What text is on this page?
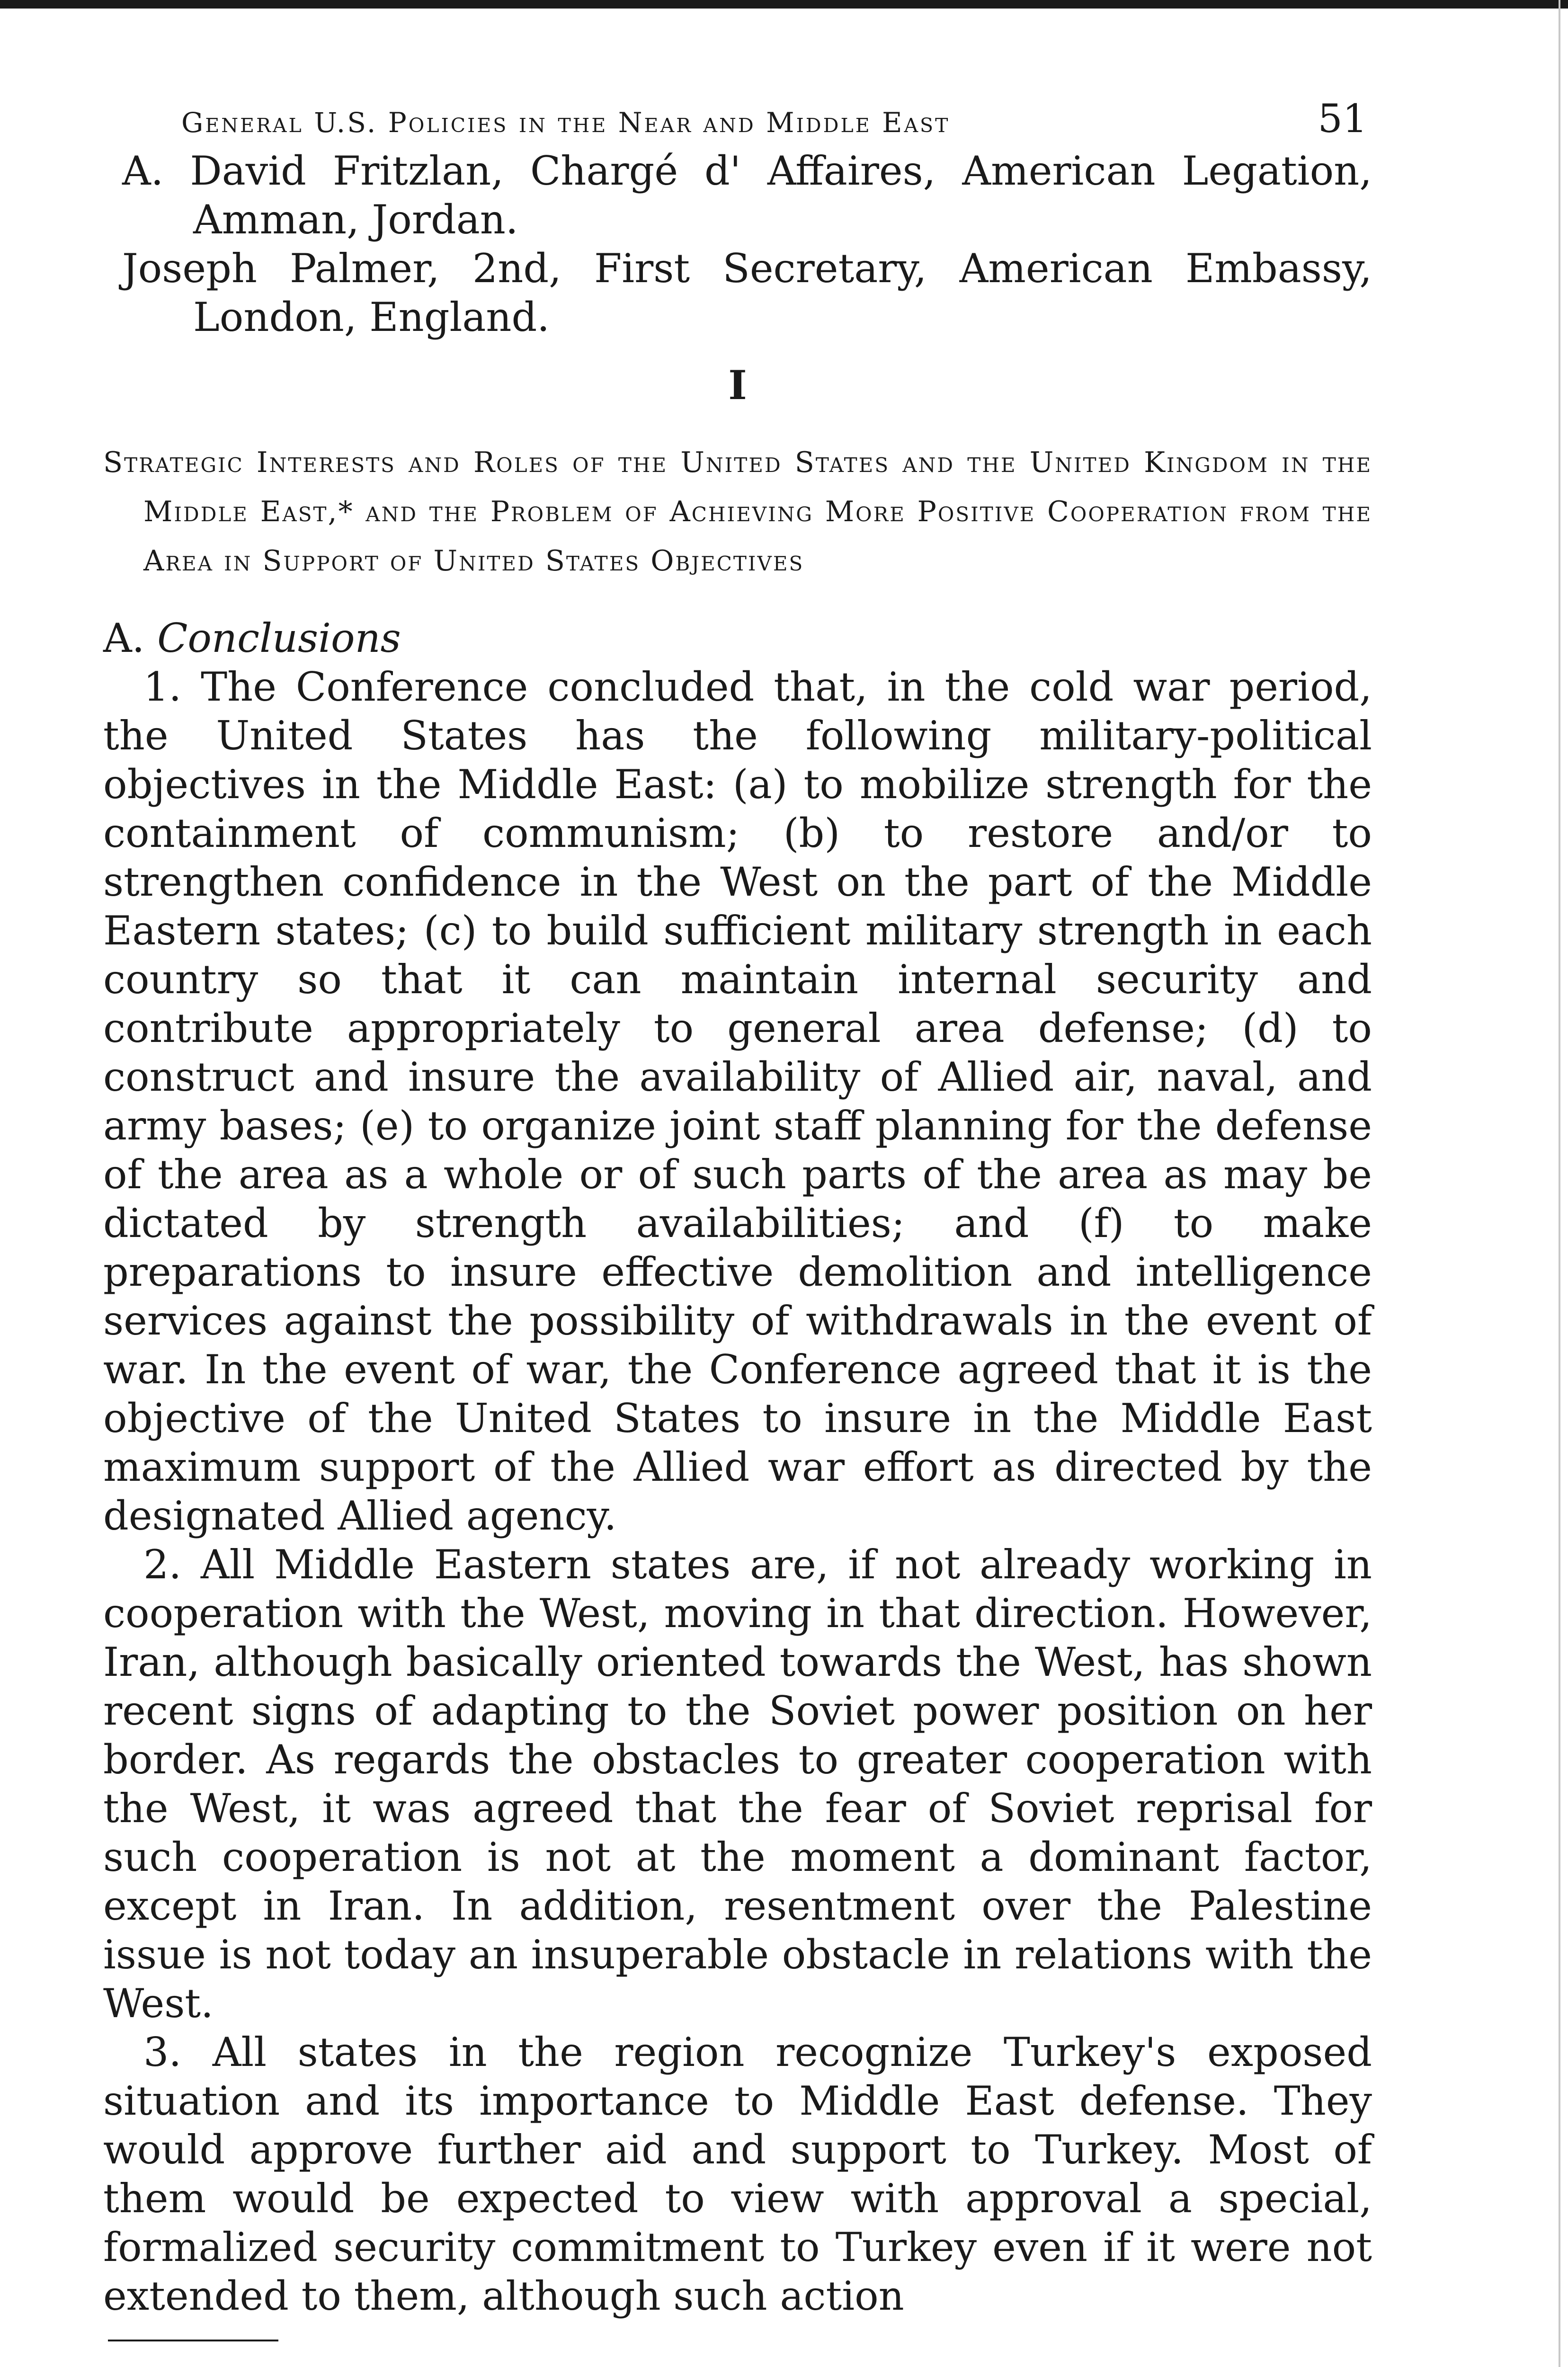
General U.S. Policies in the Near and Middle East	51

A. David Fritzlan, Chargé d' Affaires, American Legation, Amman, Jordan.

Joseph Palmer, 2nd, First Secretary, American Embassy, London, England.

I

Strategic Interests and Roles of the United States and the United Kingdom in the Middle East,* and the Problem of Achieving More Positive Cooperation from the Area in Support of United States Objectives

A. Conclusions

1. The Conference concluded that, in the cold war period, the United States has the following military-political objectives in the Middle East: (a) to mobilize strength for the containment of communism; (b) to restore and/or to strengthen confidence in the West on the part of the Middle Eastern states; (c) to build sufficient military strength in each country so that it can maintain internal security and contribute appropriately to general area defense; (d) to construct and insure the availability of Allied air, naval, and army bases; (e) to organize joint staff planning for the defense of the area as a whole or of such parts of the area as may be dictated by strength availabilities; and (f) to make preparations to insure effective demolition and intelligence services against the possibility of withdrawals in the event of war. In the event of war, the Conference agreed that it is the objective of the United States to insure in the Middle East maximum support of the Allied war effort as directed by the designated Allied agency.

2. All Middle Eastern states are, if not already working in cooperation with the West, moving in that direction. However, Iran, although basically oriented towards the West, has shown recent signs of adapting to the Soviet power position on her border. As regards the obstacles to greater cooperation with the West, it was agreed that the fear of Soviet reprisal for such cooperation is not at the moment a dominant factor, except in Iran. In addition, resentment over the Palestine issue is not today an insuperable obstacle in relations with the West.

3. All states in the region recognize Turkey's exposed situation and its importance to Middle East defense. They would approve further aid and support to Turkey. Most of them would be expected to view with approval a special, formalized security commitment to Turkey even if it were not extended to them, although such action
